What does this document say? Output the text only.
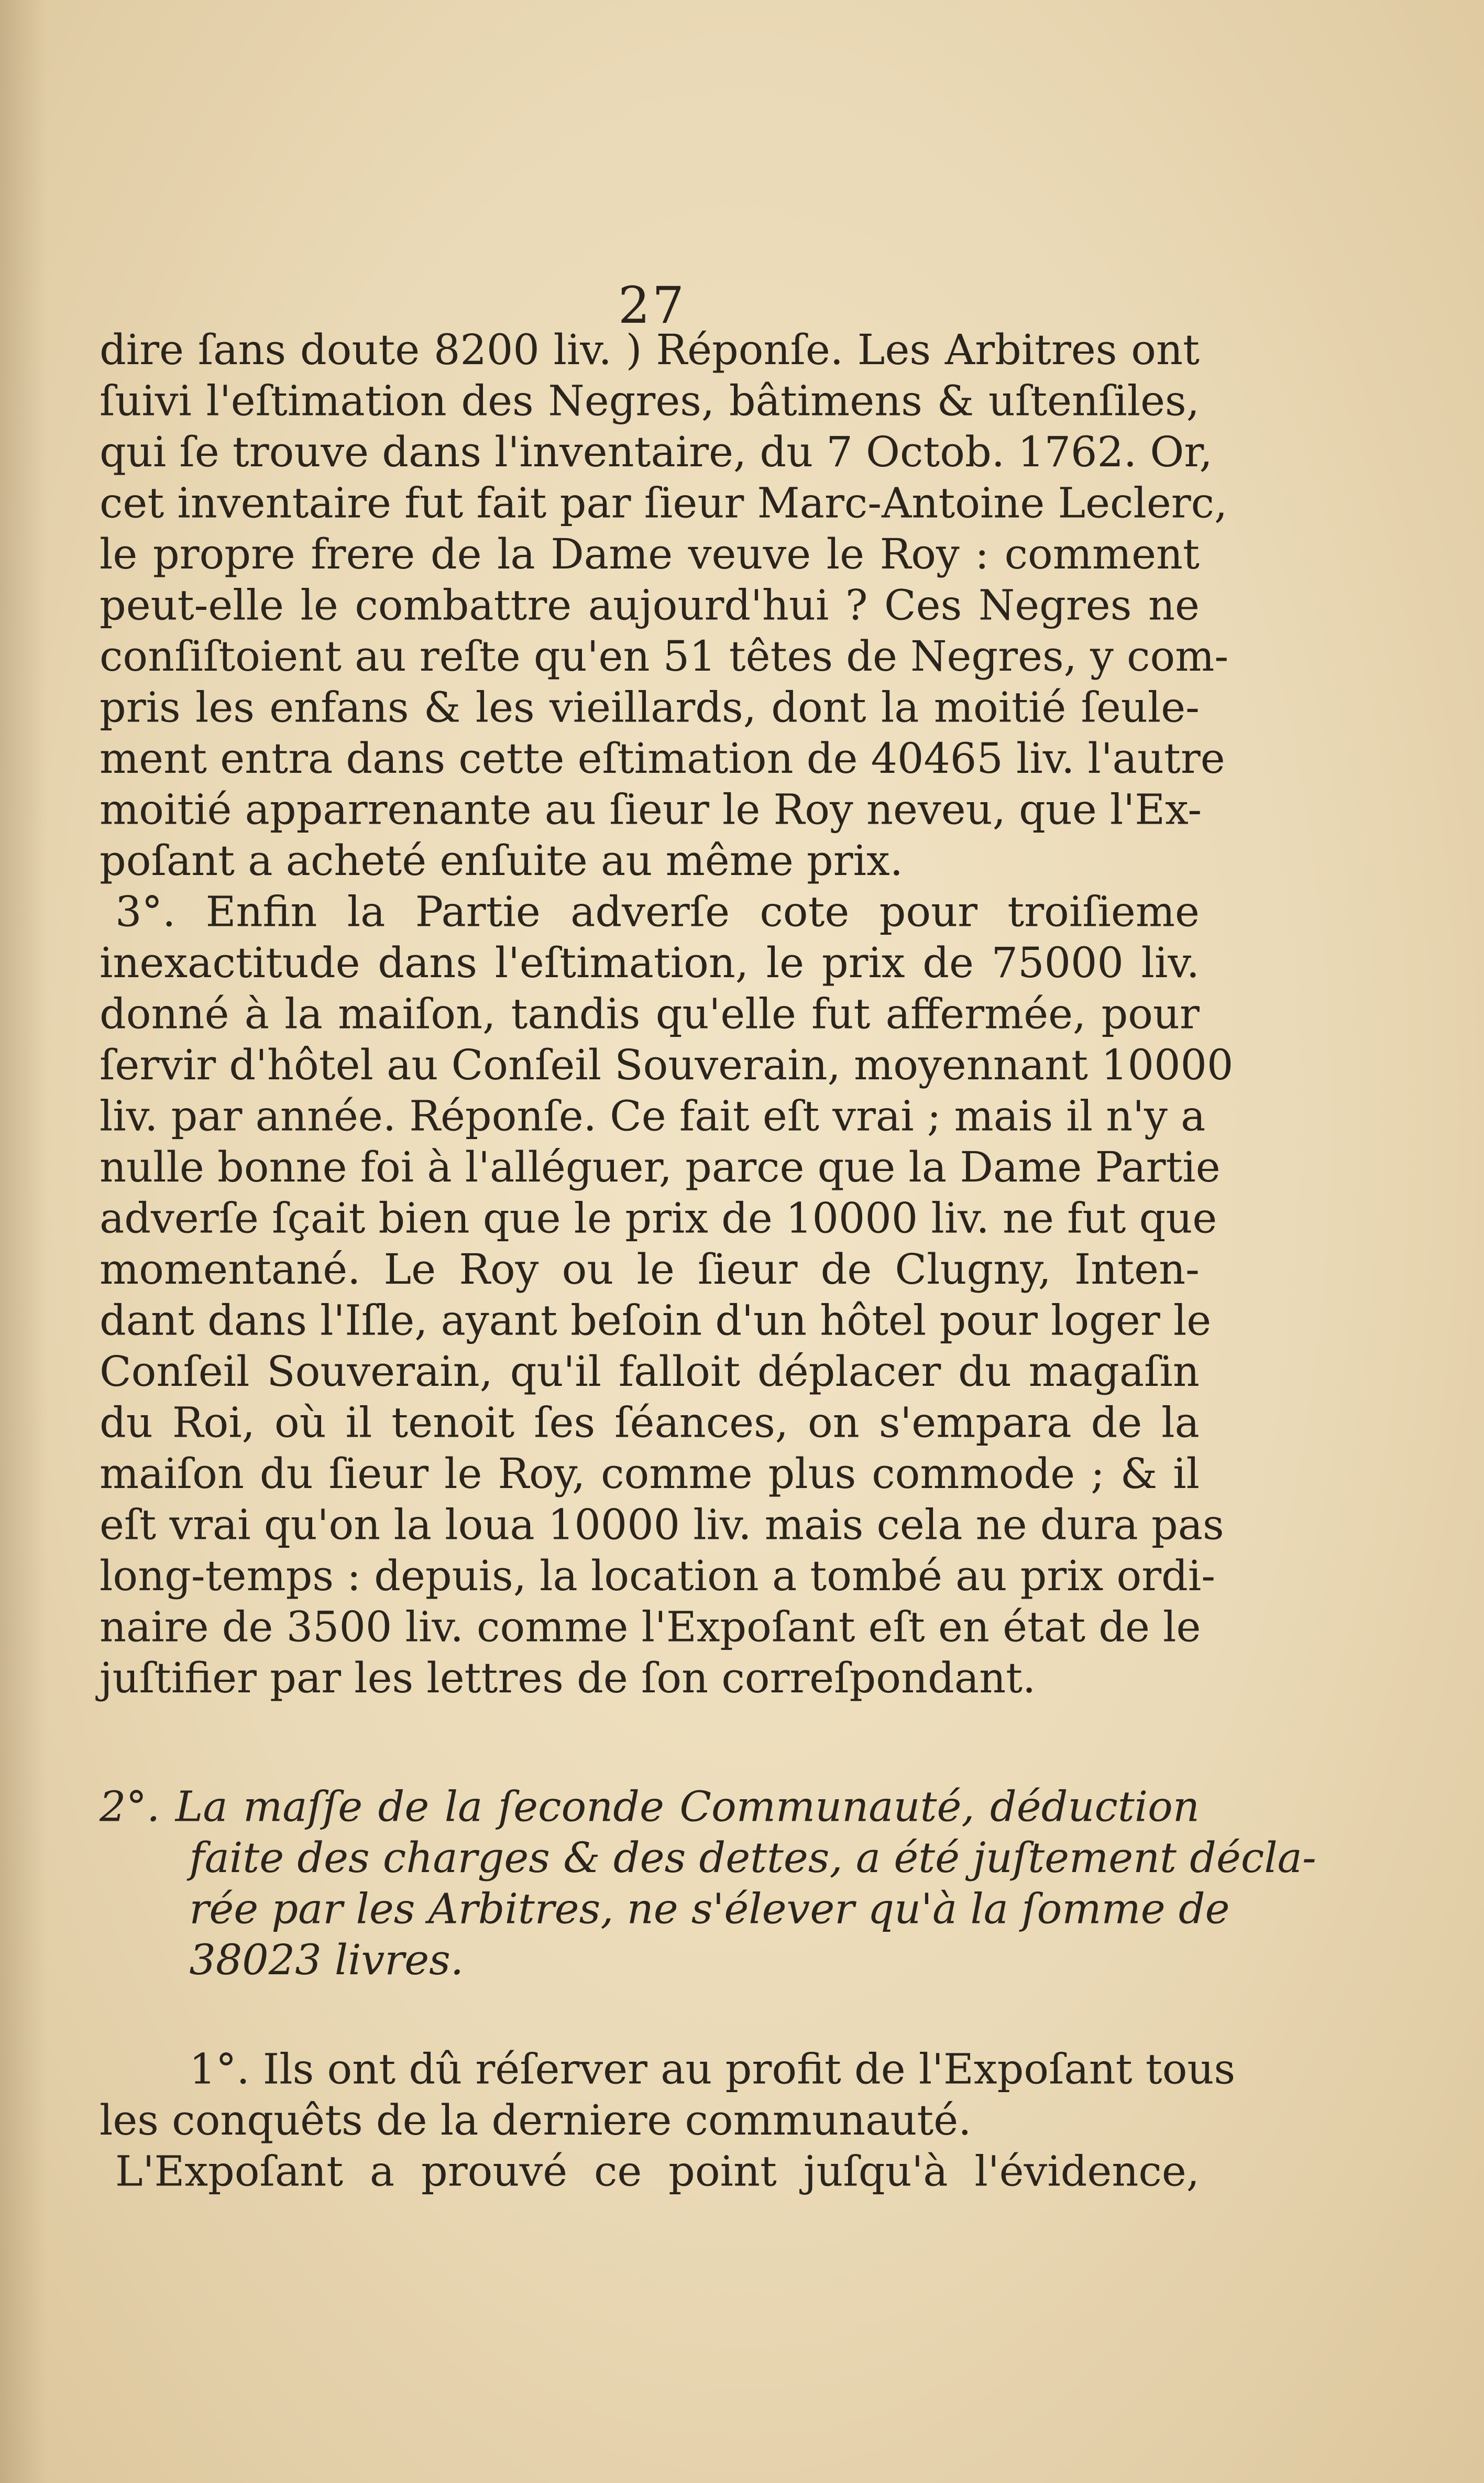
27
dire ſans doute 8200 liv. ) Réponſe. Les Arbitres ont
ſuivi l'eſtimation des Negres, bâtimens & uſtenſiles,
qui ſe trouve dans l'inventaire, du 7 Octob. 1762. Or,
cet inventaire fut fait par ſieur Marc-Antoine Leclerc,
le propre frere de la Dame veuve le Roy : comment
peut-elle le combattre aujourd'hui ? Ces Negres ne
conſiſtoient au reſte qu'en 51 têtes de Negres, y com-
pris les enfans & les vieillards, dont la moitié ſeule-
ment entra dans cette eſtimation de 40465 liv. l'autre
moitié apparrenante au ſieur le Roy neveu, que l'Ex-
poſant a acheté enſuite au même prix.
3°. Enfin la Partie adverſe cote pour troiſieme
inexactitude dans l'eſtimation, le prix de 75000 liv.
donné à la maiſon, tandis qu'elle fut affermée, pour
ſervir d'hôtel au Conſeil Souverain, moyennant 10000
liv. par année. Réponſe. Ce fait eſt vrai ; mais il n'y a
nulle bonne foi à l'alléguer, parce que la Dame Partie
adverſe ſçait bien que le prix de 10000 liv. ne fut que
momentané. Le Roy ou le ſieur de Clugny, Inten-
dant dans l'Iſle, ayant beſoin d'un hôtel pour loger le
Conſeil Souverain, qu'il falloit déplacer du magaſin
du Roi, où il tenoit ſes ſéances, on s'empara de la
maiſon du ſieur le Roy, comme plus commode ; & il
eſt vrai qu'on la loua 10000 liv. mais cela ne dura pas
long-temps : depuis, la location a tombé au prix ordi-
naire de 3500 liv. comme l'Expoſant eſt en état de le
juſtifier par les lettres de ſon correſpondant.
2°. La maſſe de la ſeconde Communauté, déduction
faite des charges & des dettes, a été juſtement décla-
rée par les Arbitres, ne s'élever qu'à la ſomme de
38023 livres.
1°. Ils ont dû réſerver au profit de l'Expoſant tous
les conquêts de la derniere communauté.
L'Expoſant a prouvé ce point juſqu'à l'évidence,
